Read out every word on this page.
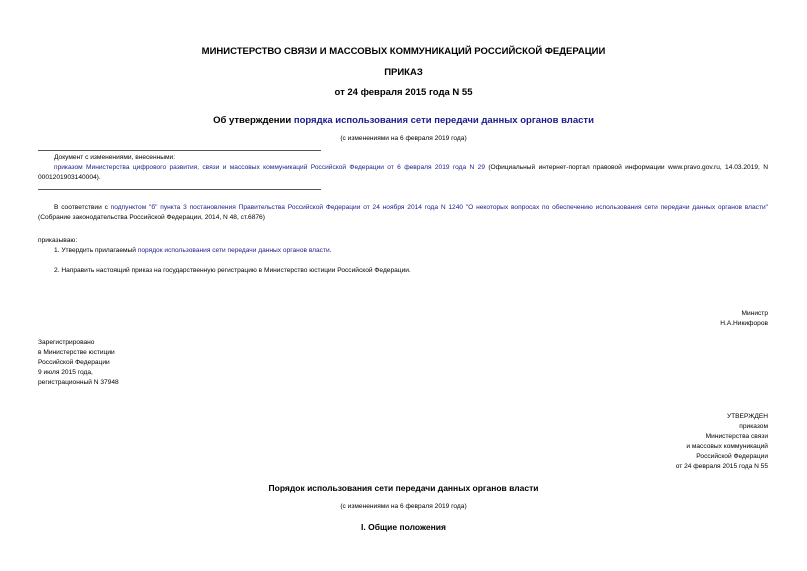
МИНИСТЕРСТВО СВЯЗИ И МАССОВЫХ КОММУНИКАЦИЙ РОССИЙСКОЙ ФЕДЕРАЦИИ
ПРИКАЗ
от 24 февраля 2015 года N 55
Об утверждении порядка использования сети передачи данных органов власти
(с изменениями на 6 февраля 2019 года)
Документ с изменениями, внесенными:
приказом Министерства цифрового развития, связи и массовых коммуникаций Российской Федерации от 6 февраля 2019 года N 29 (Официальный интернет-портал правовой информации www.pravo.gov.ru, 14.03.2019, N 0001201903140004).
В соответствии с подпунктом "б" пункта 3 постановления Правительства Российской Федерации от 24 ноября 2014 года N 1240 "О некоторых вопросах по обеспечению использования сети передачи данных органов власти" (Собрание законодательства Российской Федерации, 2014, N 48, ст.6876)
приказываю:
1. Утвердить прилагаемый порядок использования сети передачи данных органов власти.
2. Направить настоящий приказ на государственную регистрацию в Министерство юстиции Российской Федерации.
Министр
Н.А.Никифоров
Зарегистрировано
в Министерстве юстиции
Российской Федерации
9 июля 2015 года,
регистрационный N 37948
УТВЕРЖДЕН
приказом
Министерства связи
и массовых коммуникаций
Российской Федерации
от 24 февраля 2015 года N 55
Порядок использования сети передачи данных органов власти
(с изменениями на 6 февраля 2019 года)
I. Общие положения
